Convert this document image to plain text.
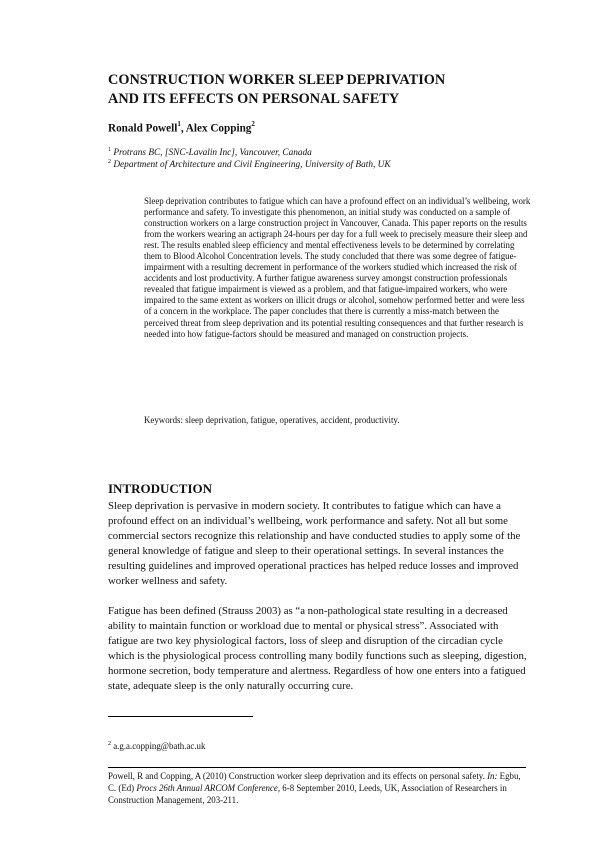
CONSTRUCTION WORKER SLEEP DEPRIVATION
AND ITS EFFECTS ON PERSONAL SAFETY
Ronald Powell$^1$, Alex Copping$^2$
$^1$ Protrans BC, [SNC-Lavalin Inc], Vancouver, Canada
$^2$ Department of Architecture and Civil Engineering, University of Bath, UK
Sleep deprivation contributes to fatigue which can have a profound effect on an individual’s wellbeing, work performance and safety. To investigate this phenomenon, an initial study was conducted on a sample of construction workers on a large construction project in Vancouver, Canada. This paper reports on the results from the workers wearing an actigraph 24-hours per day for a full week to precisely measure their sleep and rest. The results enabled sleep efficiency and mental effectiveness levels to be determined by correlating them to Blood Alcohol Concentration levels. The study concluded that there was some degree of fatigue-impairment with a resulting decrement in performance of the workers studied which increased the risk of accidents and lost productivity. A further fatigue awareness survey amongst construction professionals revealed that fatigue impairment is viewed as a problem, and that fatigue-impaired workers, who were impaired to the same extent as workers on illicit drugs or alcohol, somehow performed better and were less of a concern in the workplace. The paper concludes that there is currently a miss-match between the perceived threat from sleep deprivation and its potential resulting consequences and that further research is needed into how fatigue-factors should be measured and managed on construction projects.
Keywords: sleep deprivation, fatigue, operatives, accident, productivity.
INTRODUCTION
Sleep deprivation is pervasive in modern society. It contributes to fatigue which can have a profound effect on an individual’s wellbeing, work performance and safety. Not all but some commercial sectors recognize this relationship and have conducted studies to apply some of the general knowledge of fatigue and sleep to their operational settings. In several instances the resulting guidelines and improved operational practices has helped reduce losses and improved worker wellness and safety.
Fatigue has been defined (Strauss 2003) as “a non-pathological state resulting in a decreased ability to maintain function or workload due to mental or physical stress”. Associated with fatigue are two key physiological factors, loss of sleep and disruption of the circadian cycle which is the physiological process controlling many bodily functions such as sleeping, digestion, hormone secretion, body temperature and alertness. Regardless of how one enters into a fatigued state, adequate sleep is the only naturally occurring cure.
$^2$ a.g.a.copping@bath.ac.uk
Powell, R and Copping, A (2010) Construction worker sleep deprivation and its effects on personal safety. In: Egbu, C. (Ed) Procs 26th Annual ARCOM Conference, 6-8 September 2010, Leeds, UK, Association of Researchers in Construction Management, 203-211.
